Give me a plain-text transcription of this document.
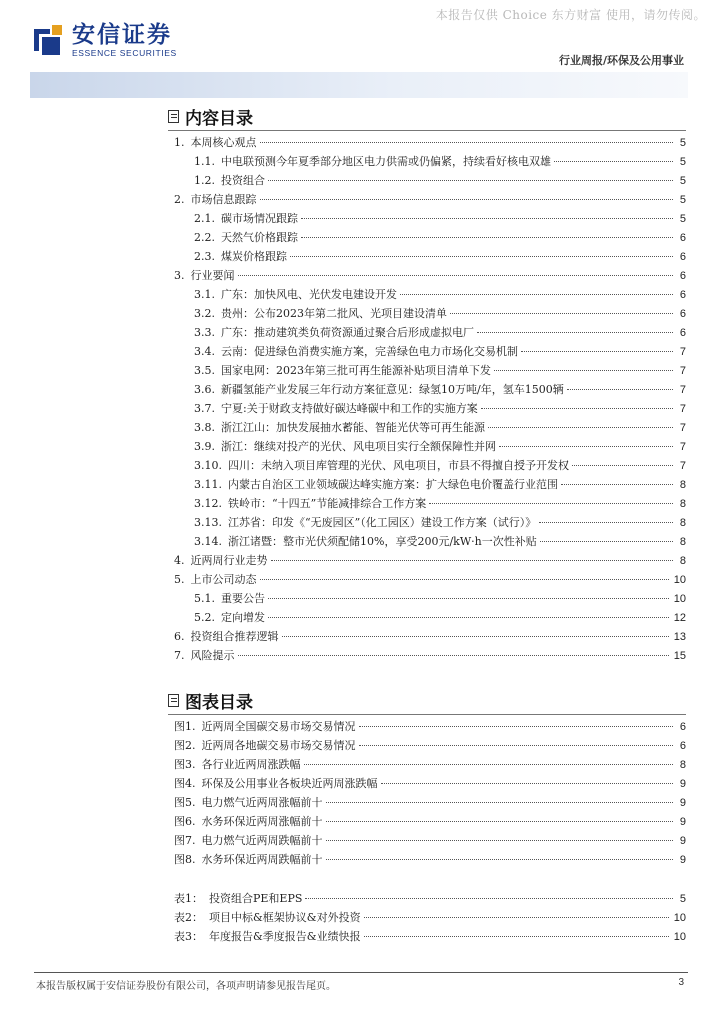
本报告仅供 Choice 东方财富 使用，请勿传阅。
安信证券
ESSENCE SECURITIES
行业周报/环保及公用事业
内容目录
1. 本周核心观点	5
1.1. 中电联预测今年夏季部分地区电力供需或仍偏紧，持续看好核电双雄	5
1.2. 投资组合	5
2. 市场信息跟踪	5
2.1. 碳市场情况跟踪	5
2.2. 天然气价格跟踪	6
2.3. 煤炭价格跟踪	6
3. 行业要闻	6
3.1. 广东：加快风电、光伏发电建设开发	6
3.2. 贵州：公布2023年第二批风、光项目建设清单	6
3.3. 广东：推动建筑类负荷资源通过聚合后形成虚拟电厂	6
3.4. 云南：促进绿色消费实施方案，完善绿色电力市场化交易机制	7
3.5. 国家电网：2023年第三批可再生能源补贴项目清单下发	7
3.6. 新疆氢能产业发展三年行动方案征意见：绿氢10万吨/年，氢车1500辆	7
3.7. 宁夏:关于财政支持做好碳达峰碳中和工作的实施方案	7
3.8. 浙江江山：加快发展抽水蓄能、智能光伏等可再生能源	7
3.9. 浙江：继续对投产的光伏、风电项目实行全额保障性并网	7
3.10. 四川：未纳入项目库管理的光伏、风电项目，市县不得擅自授予开发权	7
3.11. 内蒙古自治区工业领域碳达峰实施方案：扩大绿色电价覆盖行业范围	8
3.12. 铁岭市：“十四五”节能减排综合工作方案	8
3.13. 江苏省：印发《“无废园区”（化工园区）建设工作方案（试行）》	8
3.14. 浙江诸暨：整市光伏须配储10%，享受200元/kW·h一次性补贴	8
4. 近两周行业走势	8
5. 上市公司动态	10
5.1. 重要公告	10
5.2. 定向增发	12
6. 投资组合推荐逻辑	13
7. 风险提示	15
图表目录
图1. 近两周全国碳交易市场交易情况	6
图2. 近两周各地碳交易市场交易情况	6
图3. 各行业近两周涨跌幅	8
图4. 环保及公用事业各板块近两周涨跌幅	9
图5. 电力燃气近两周涨幅前十	9
图6. 水务环保近两周涨幅前十	9
图7. 电力燃气近两周跌幅前十	9
图8. 水务环保近两周跌幅前十	9
表1： 投资组合PE和EPS	5
表2： 项目中标&框架协议&对外投资	10
表3： 年度报告&季度报告&业绩快报	10
本报告版权属于安信证券股份有限公司，各项声明请参见报告尾页。	3
